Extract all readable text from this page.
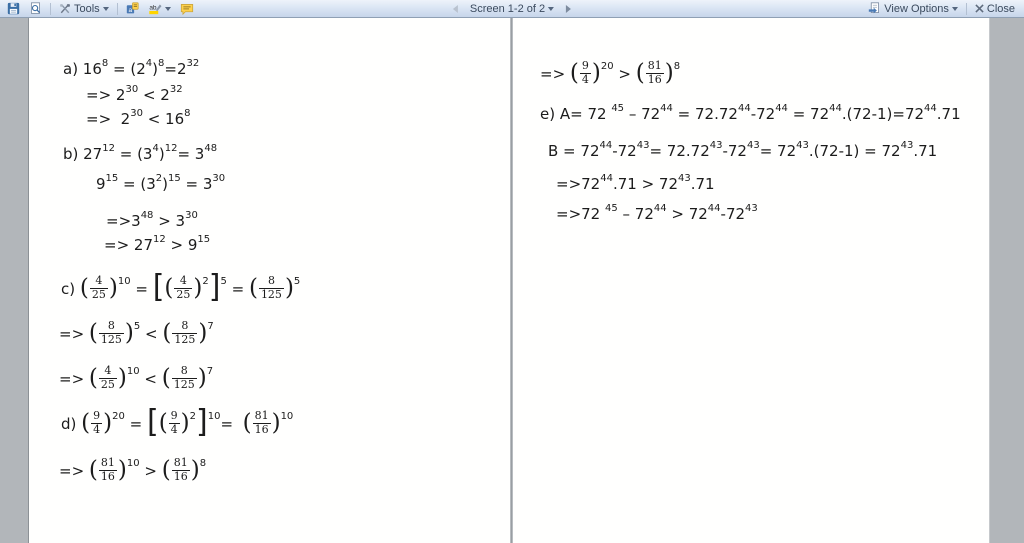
Tools	a ab	Screen 1-2 of 2	View Options	Close
a) 16 8 = (2 4 ) 8 =2 32
=> 2 30 < 2 32
=>  2 30 < 16 8
b) 27 12 = (3 4 ) 12 = 3 48
9 15 = (3 2 ) 15 = 3 30
=>3 48 > 3 30
=> 27 12 > 9 15
c) ( $\frac{4}{25}$ ) 10 = [ ( $\frac{4}{25}$ ) 2 ] 5 = ( $\frac{8}{125}$ ) 5
=> ( $\frac{8}{125}$ ) 5 < ( $\frac{8}{125}$ ) 7
=> ( $\frac{4}{25}$ ) 10 < ( $\frac{8}{125}$ ) 7
d) ( $\frac{9}{4}$ ) 20 = [ ( $\frac{9}{4}$ ) 2 ] 10 = ( $\frac{81}{16}$ ) 10
=> ( $\frac{81}{16}$ ) 10 > ( $\frac{81}{16}$ ) 8
=> ( $\frac{9}{4}$ ) 20 > ( $\frac{81}{16}$ ) 8
e) A= 72 45 – 72 44 = 72.72 44 -72 44 = 72 44 .(72-1)=72 44 .71
B = 72 44 -72 43 = 72.72 43 -72 43 = 72 43 .(72-1) = 72 43 .71
=>72 44 .71 > 72 43 .71
=>72 45 – 72 44 > 72 44 -72 43
